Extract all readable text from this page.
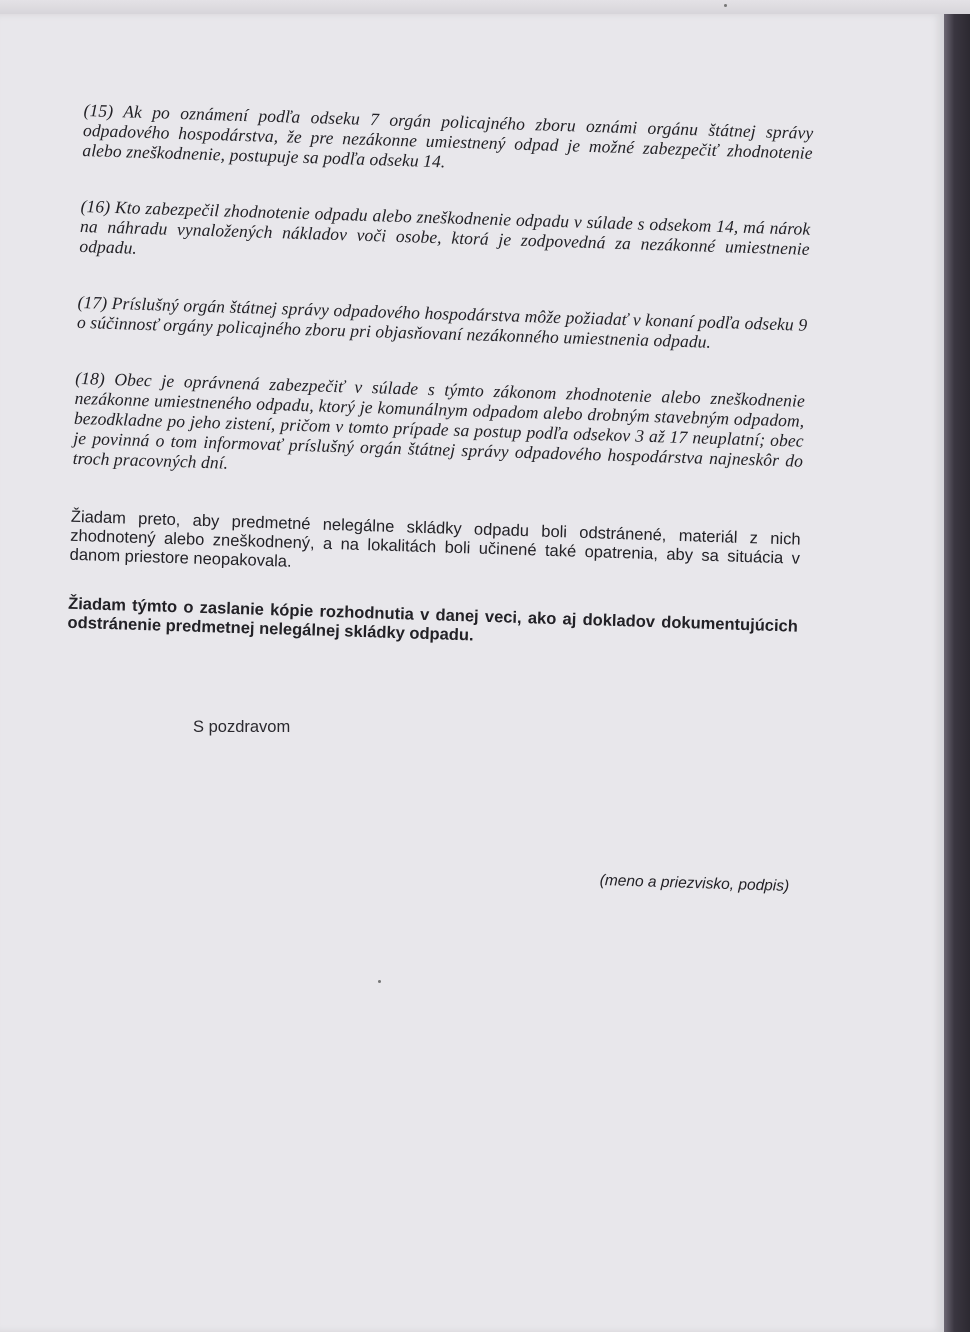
(15) Ak po oznámení podľa odseku 7 orgán policajného zboru oznámi orgánu štátnej správy odpadového hospodárstva, že pre nezákonne umiestnený odpad je možné zabezpečiť zhodnotenie alebo zneškodnenie, postupuje sa podľa odseku 14.

(16) Kto zabezpečil zhodnotenie odpadu alebo zneškodnenie odpadu v súlade s odsekom 14, má nárok na náhradu vynaložených nákladov voči osobe, ktorá je zodpovedná za nezákonné umiestnenie odpadu.

(17) Príslušný orgán štátnej správy odpadového hospodárstva môže požiadať v konaní podľa odseku 9 o súčinnosť orgány policajného zboru pri objasňovaní nezákonného umiestnenia odpadu.

(18) Obec je oprávnená zabezpečiť v súlade s týmto zákonom zhodnotenie alebo zneškodnenie nezákonne umiestneného odpadu, ktorý je komunálnym odpadom alebo drobným stavebným odpadom, bezodkladne po jeho zistení, pričom v tomto prípade sa postup podľa odsekov 3 až 17 neuplatní; obec je povinná o tom informovať príslušný orgán štátnej správy odpadového hospodárstva najneskôr do troch pracovných dní.

Žiadam preto, aby predmetné nelegálne skládky odpadu boli odstránené, materiál z nich zhodnotený alebo zneškodnený, a na lokalitách boli učinené také opatrenia, aby sa situácia v danom priestore neopakovala.

Žiadam týmto o zaslanie kópie rozhodnutia v danej veci, ako aj dokladov dokumentujúcich odstránenie predmetnej nelegálnej skládky odpadu.

S pozdravom
(meno a priezvisko, podpis)
